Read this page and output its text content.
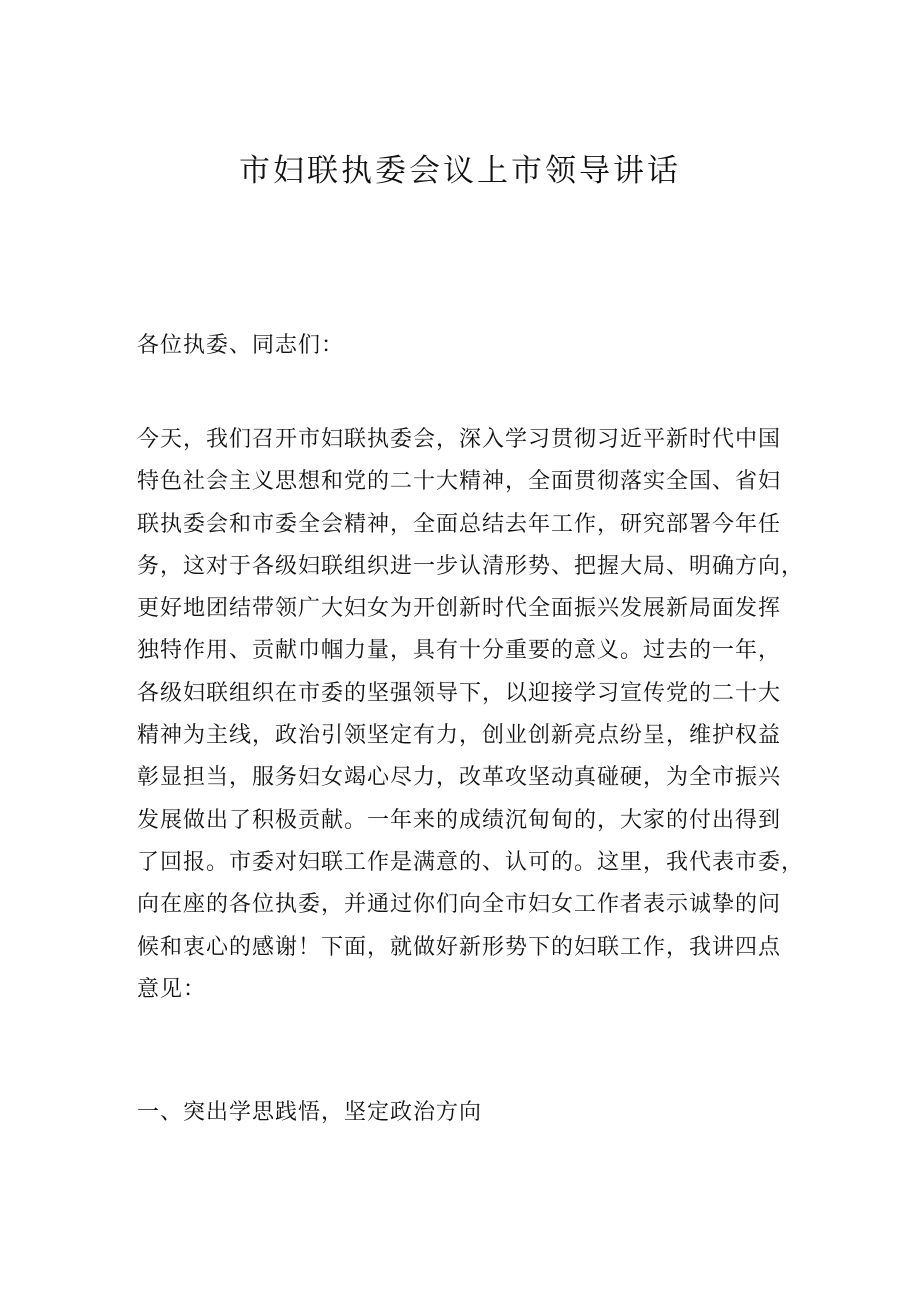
市妇联执委会议上市领导讲话
各位执委、同志们：
今天，我们召开市妇联执委会，深入学习贯彻习近平新时代中国
特色社会主义思想和党的二十大精神，全面贯彻落实全国、省妇
联执委会和市委全会精神，全面总结去年工作，研究部署今年任
务，这对于各级妇联组织进一步认清形势、把握大局、明确方向，
更好地团结带领广大妇女为开创新时代全面振兴发展新局面发挥
独特作用、贡献巾帼力量，具有十分重要的意义。过去的一年，
各级妇联组织在市委的坚强领导下，以迎接学习宣传党的二十大
精神为主线，政治引领坚定有力，创业创新亮点纷呈，维护权益
彰显担当，服务妇女竭心尽力，改革攻坚动真碰硬，为全市振兴
发展做出了积极贡献。一年来的成绩沉甸甸的，大家的付出得到
了回报。市委对妇联工作是满意的、认可的。这里，我代表市委，
向在座的各位执委，并通过你们向全市妇女工作者表示诚挚的问
候和衷心的感谢！下面，就做好新形势下的妇联工作，我讲四点
意见：
一、突出学思践悟，坚定政治方向
